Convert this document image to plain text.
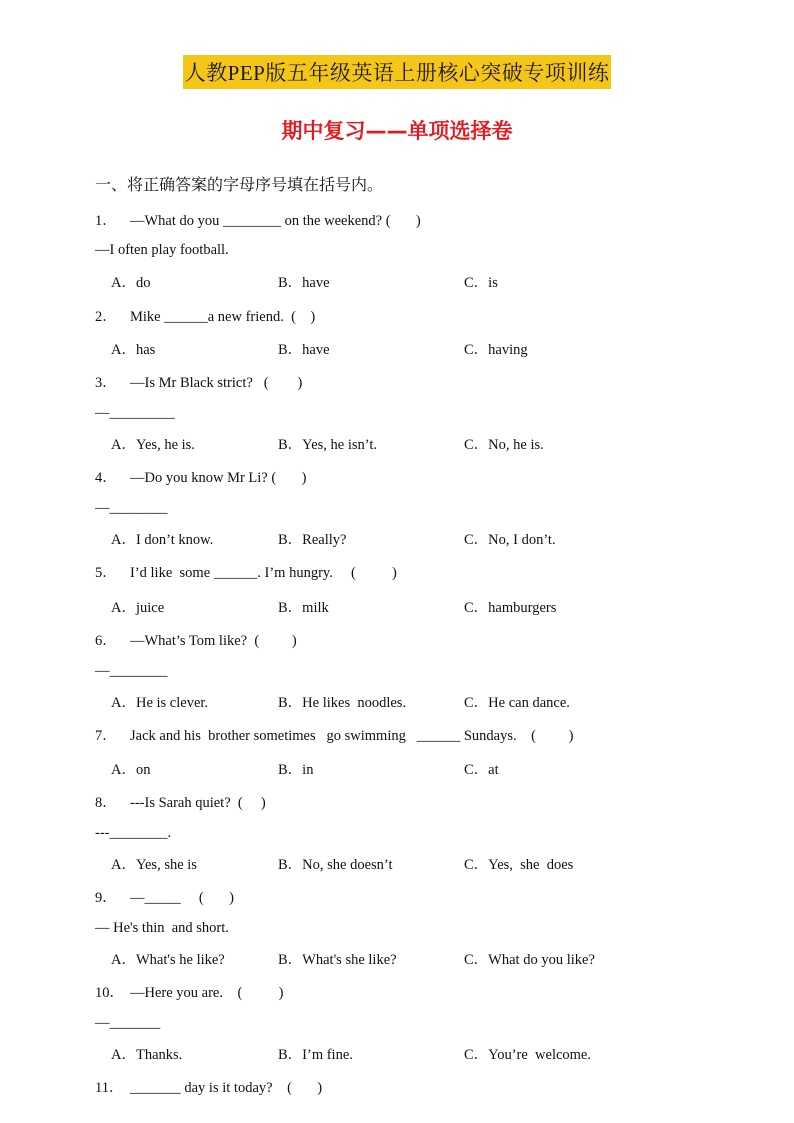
人教PEP版五年级英语上册核心突破专项训练
期中复习——单项选择卷
一、将正确答案的字母序号填在括号内。
1． —What do you ________ on the weekend? (       )
—I often play football.
A．do	B．have	C．is
2． Mike ______a new friend.  (    )
A．has	B．have	C．having
3． —Is Mr Black strict?   (        )
—_________
A．Yes, he is.	B．Yes, he isn’t.	C．No, he is.
4． —Do you know Mr Li? (       )
—________
A．I don’t know.	B．Really?	C．No, I don’t.
5． I’d like  some ______. I’m hungry.     (          )
A．juice	B．milk	C．hamburgers
6． —What’s Tom like?  (         )
—________
A．He is clever.	B．He likes  noodles.	C．He can dance.
7． Jack and his  brother sometimes   go swimming   ______ Sundays.    (         )
A．on	B．in	C．at
8． ---Is Sarah quiet?  (     )
---________.
A．Yes, she is	B．No, she doesn’t	C．Yes,  she  does
9． —_____     (       )
— He's thin  and short.
A．What's he like?	B．What's she like?	C．What do you like?
10． —Here you are.    (          )
—_______
A．Thanks.	B．I’m fine.	C．You’re  welcome.
11． _______ day is it today?    (       )
